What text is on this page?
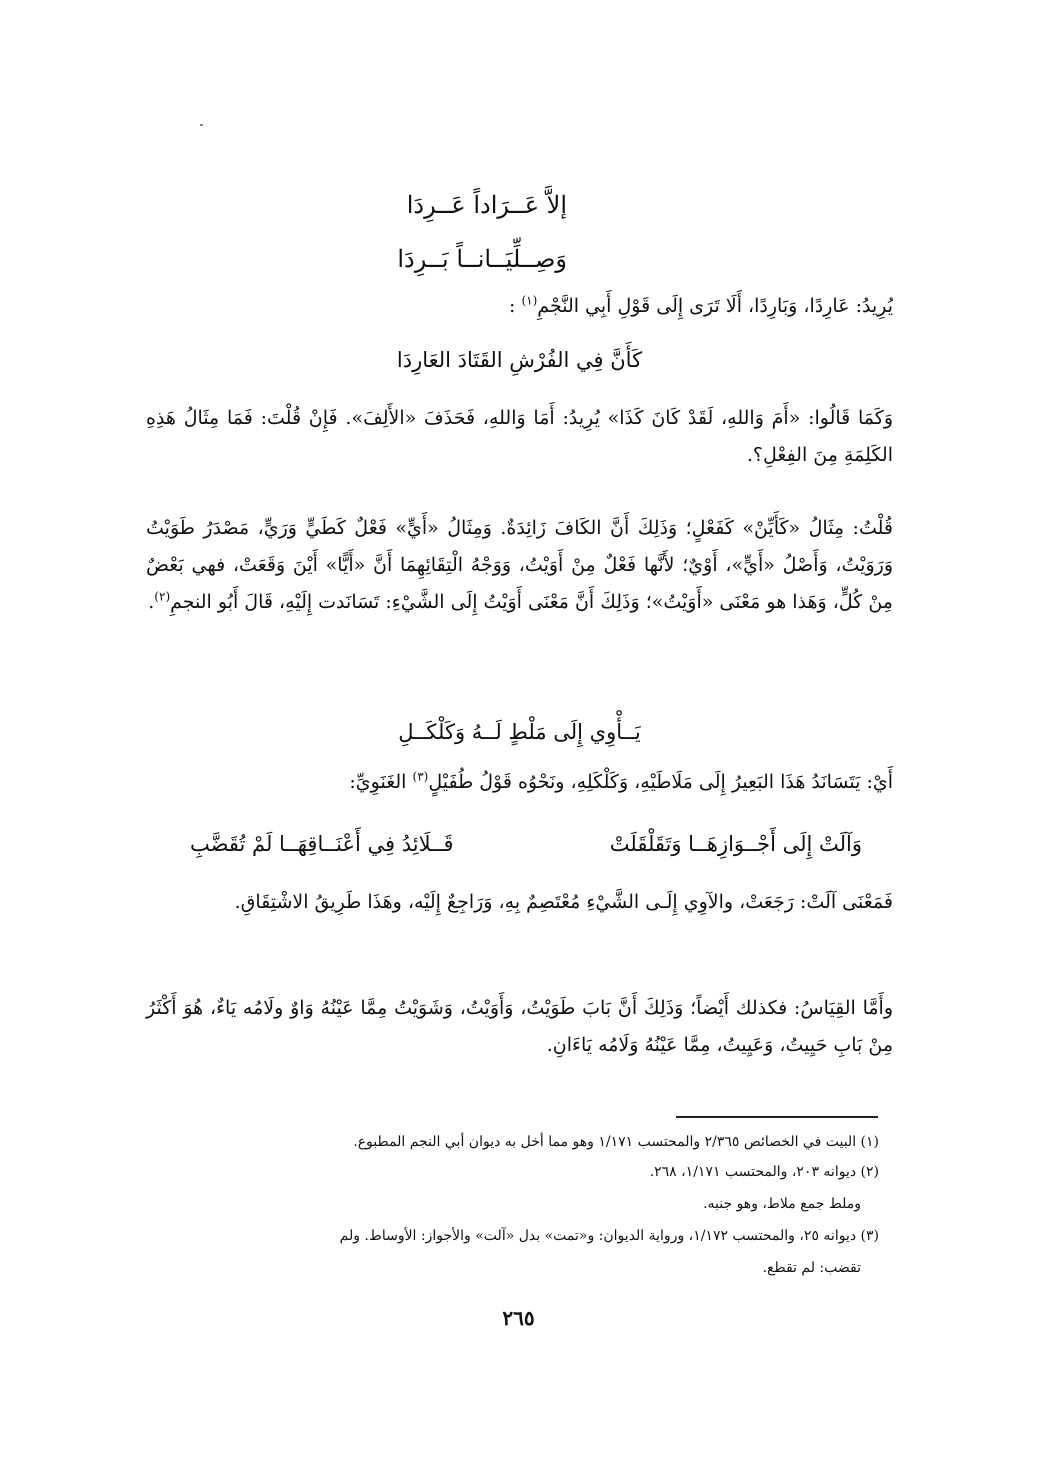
إلاَّ عَــرَاداً عَــرِدَا
وَصِــلِّيَــانــاً بَــرِدَا
يُرِيدُ: عَارِدًا، وَبَارِدًا، أَلَا تَرَى إِلَى قَوْلِ أَبِي النَّجْمِ$^{(١)}$ :
كَأَنَّ فِي الفُرْشِ القَتَادَ العَارِدَا
وَكَمَا قَالُوا: «أَمَ وَاللهِ، لَقَدْ كَانَ كَذَا» يُرِيدُ: أَمَا وَاللهِ، فَحَذَفَ «الأَلِفَ». فَإِنْ قُلْتَ: فَمَا مِثَالُ هَذِهِ الكَلِمَةِ مِنَ الفِعْلِ؟.
قُلْتُ: مِثَالُ «كَأَيِّنْ» كَفَعْلٍ؛ وَذَلِكَ أَنَّ الكَافَ زَائِدَةٌ. وَمِثَالُ «أَيٍّ» فَعْلٌ كَطَيٍّ وَرَيٍّ، مَصْدَرُ طَوَيْتُ وَرَوَيْتُ، وَأَصْلُ «أَيٍّ»، أَوْيٌ؛ لأَنَّها فَعْلٌ مِنْ أَوَيْتُ، وَوَجْهُ الْتِقَائِهِمَا أَنَّ «أَيًّا» أَيْنَ وَقَعَتْ، فهي بَعْضٌ مِنْ كُلٍّ، وَهَذا هو مَعْنَى «أَوَيْتُ»؛ وَذَلِكَ أَنَّ مَعْنَى أَوَيْتُ إِلَى الشَّيْءِ: تَسَانَدت إِلَيْهِ، قَالَ أَبُو النجمِ$^{(٢)}$.
يَــأْوِي إِلَى مَلْطٍ لَــهُ وَكَلْكَــلِ
أَيْ: يَتَسَانَدُ هَذَا البَعِيرُ إِلَى مَلَاطَيْهِ، وَكَلْكَلِهِ، ونَحْوُه قَوْلُ طُفَيْلٍ$^{(٣)}$ الغَنَوِيِّ:
وَآلَتْ إِلَى أَجْــوَازِهَــا وَتَقَلْقَلَتْ
قَــلَائِدُ فِي أَعْنَــاقِهَــا لَمْ تُقَضَّبِ
فَمَعْنَى آلَتْ: رَجَعَتْ، والآوِي إِلَـى الشَّيْءِ مُعْتَصِمٌ بِهِ، وَرَاجِعٌ إِلَيْه، وهَذَا طَرِيقُ الاشْتِقَاقِ.
وأَمَّا القِيَاسُ: فكذلك أَيْضاً؛ وَذَلِكَ أَنَّ بَابَ طَوَيْتُ، وَأَوَيْتُ، وَشَوَيْتُ مِمَّا عَيْنُهُ وَاوٌ ولَامُه يَاءٌ، هُوَ أَكْثَرُ مِنْ بَابِ حَيِيتُ، وَعَيِيتُ، مِمَّا عَيْنُهُ وَلَامُه يَاءَانِ.
(١) البيت في الخصائص ٢/٣٦٥ والمحتسب ١/١٧١ وهو مما أخل به ديوان أبي النجم المطبوع.
(٢) ديوانه ٢٠٣، والمحتسب ١/١٧١، ٢٦٨.
وملط جمع ملاط، وهو جنبه.
(٣) ديوانه ٢٥، والمحتسب ١/١٧٢، ورواية الديوان: و«تمت» بدل «آلت» والأجواز: الأوساط. ولم
تقضب: لم تقطع.
٢٦٥
